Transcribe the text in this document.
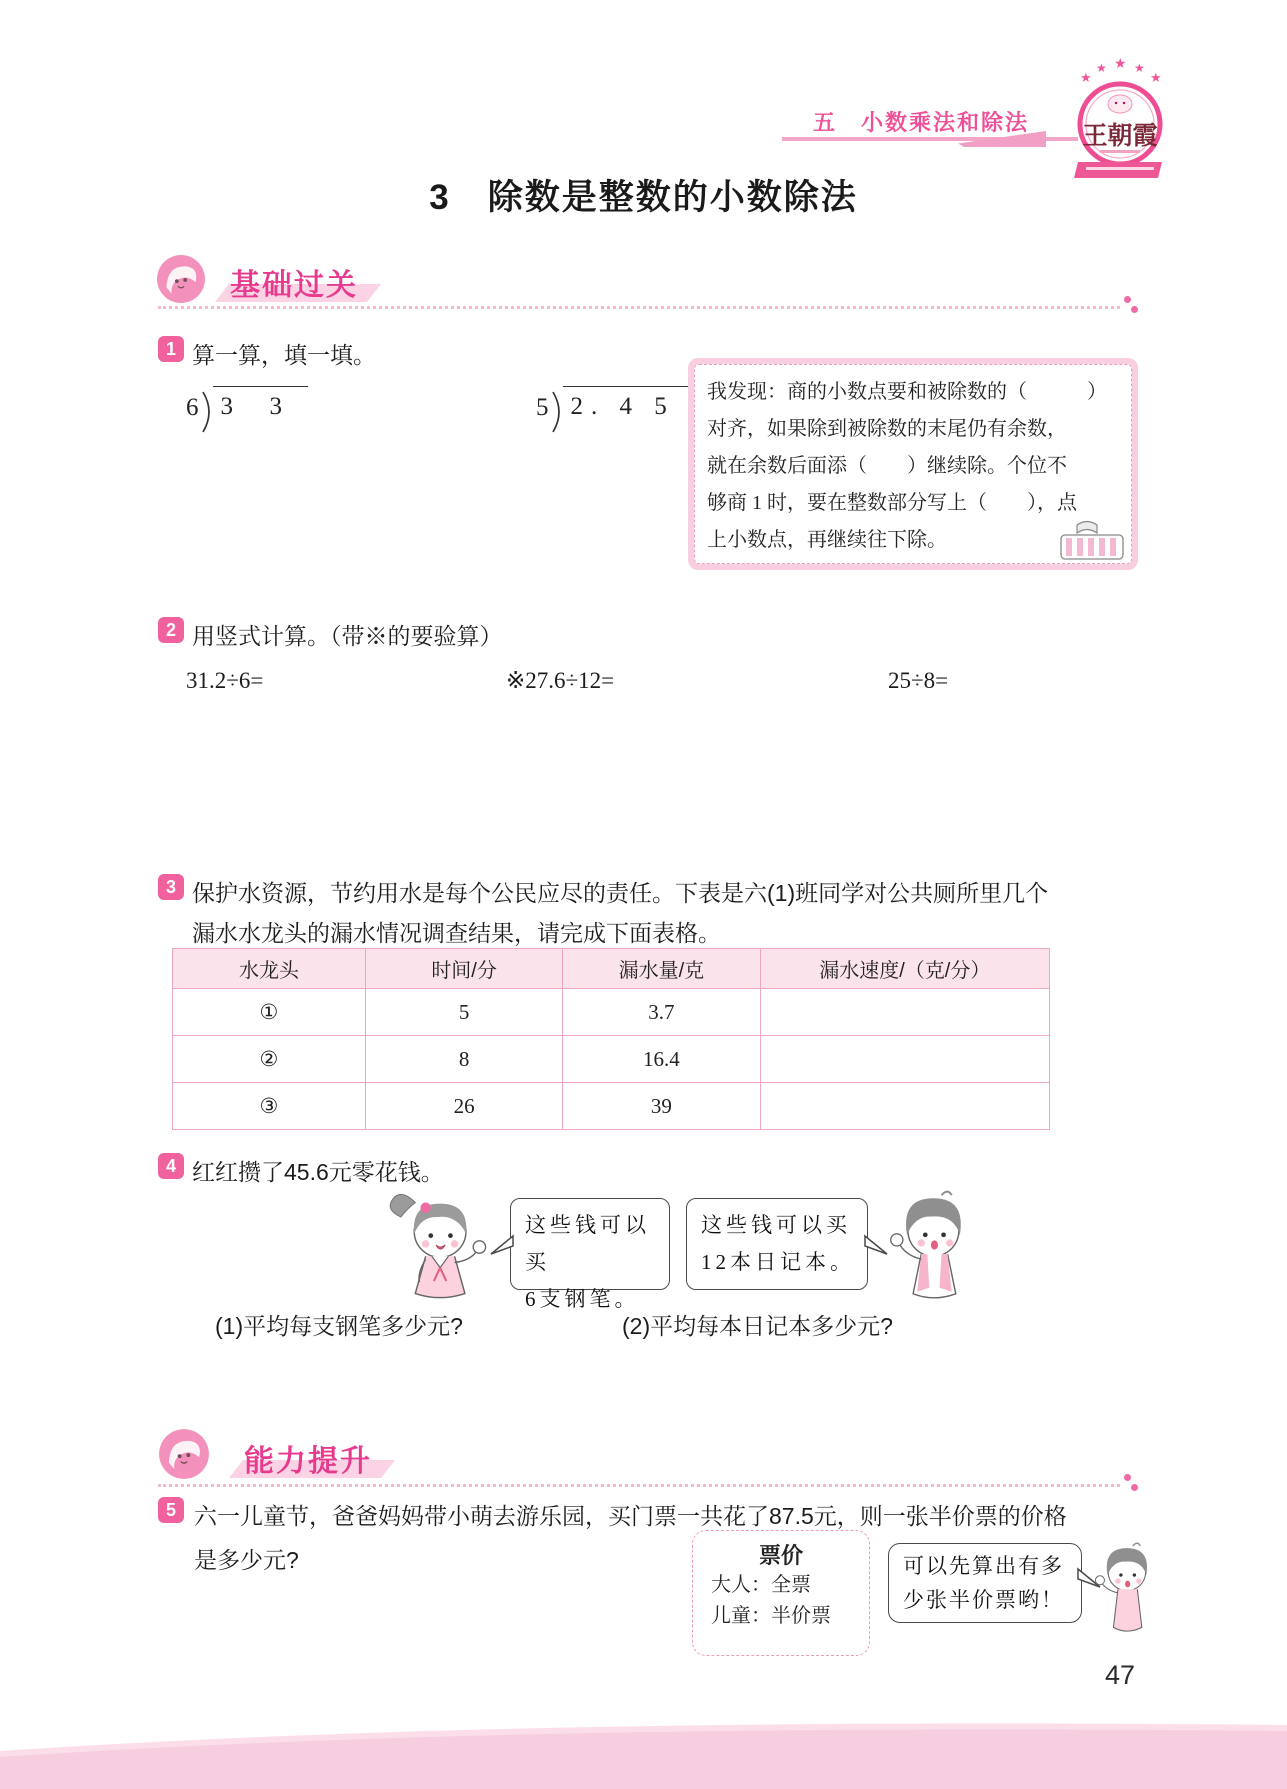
五　小数乘法和除法
★
★ ★ ★
★
王朝霞
3　除数是整数的小数除法
基础过关
1 算一算，填一填。
6 3  3	5 2. 4 5
我发现：商的小数点要和被除数的（　　　）
对齐，如果除到被除数的末尾仍有余数，
就在余数后面添（　　）继续除。个位不
够商 1 时，要在整数部分写上（　　），点
上小数点，再继续往下除。
2 用竖式计算。（带※的要验算）
31.2÷6=	※27.6÷12=	25÷8=
3 保护水资源，节约用水是每个公民应尽的责任。下表是六(1)班同学对公共厕所里几个
漏水水龙头的漏水情况调查结果，请完成下面表格。
水龙头	时间/分	漏水量/克	漏水速度/（克/分）
①	5	3.7	
②	8	16.4	
③	26	39	
4 红红攒了45.6元零花钱。
这些钱可以买
6支钢笔。
这些钱可以买
12本日记本。
(1)平均每支钢笔多少元?	(2)平均每本日记本多少元?
能力提升
5 六一儿童节，爸爸妈妈带小萌去游乐园，买门票一共花了87.5元，则一张半价票的价格
是多少元?	票价
大人：全票
儿童：半价票
可以先算出有多
少张半价票哟！
47
